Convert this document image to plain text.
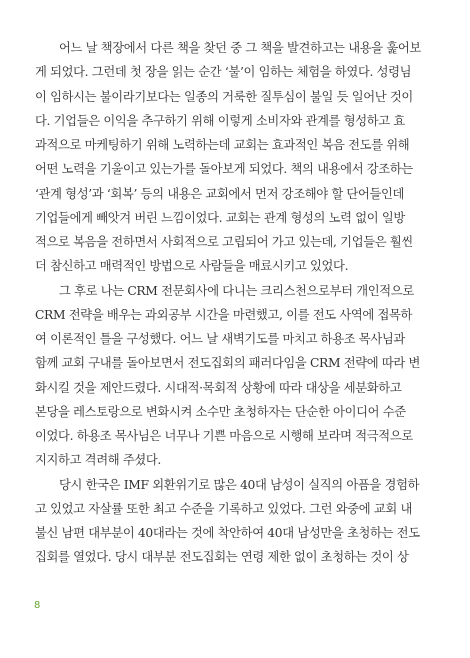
어느 날 책장에서 다른 책을 찾던 중 그 책을 발견하고는 내용을 훑어보
게 되었다. 그런데 첫 장을 읽는 순간 ‘불’이 임하는 체험을 하였다. 성령님
이 임하시는 불이라기보다는 일종의 거룩한 질투심이 불일 듯 일어난 것이
다. 기업들은 이익을 추구하기 위해 이렇게 소비자와 관계를 형성하고 효
과적으로 마케팅하기 위해 노력하는데 교회는 효과적인 복음 전도를 위해
어떤 노력을 기울이고 있는가를 돌아보게 되었다. 책의 내용에서 강조하는
‘관계 형성’과 ‘회복’ 등의 내용은 교회에서 먼저 강조해야 할 단어들인데
기업들에게 빼앗겨 버린 느낌이었다. 교회는 관계 형성의 노력 없이 일방
적으로 복음을 전하면서 사회적으로 고립되어 가고 있는데, 기업들은 훨씬
더 참신하고 매력적인 방법으로 사람들을 매료시키고 있었다.
그 후로 나는 CRM 전문회사에 다니는 크리스천으로부터 개인적으로
CRM 전략을 배우는 과외공부 시간을 마련했고, 이를 전도 사역에 접목하
여 이론적인 틀을 구성했다. 어느 날 새벽기도를 마치고 하용조 목사님과
함께 교회 구내를 돌아보면서 전도집회의 패러다임을 CRM 전략에 따라 변
화시킬 것을 제안드렸다. 시대적·목회적 상황에 따라 대상을 세분화하고
본당을 레스토랑으로 변화시켜 소수만 초청하자는 단순한 아이디어 수준
이었다. 하용조 목사님은 너무나 기쁜 마음으로 시행해 보라며 적극적으로
지지하고 격려해 주셨다.
당시 한국은 IMF 외환위기로 많은 40대 남성이 실직의 아픔을 경험하
고 있었고 자살률 또한 최고 수준을 기록하고 있었다. 그런 와중에 교회 내
불신 남편 대부분이 40대라는 것에 착안하여 40대 남성만을 초청하는 전도
집회를 열었다. 당시 대부분 전도집회는 연령 제한 없이 초청하는 것이 상
8
